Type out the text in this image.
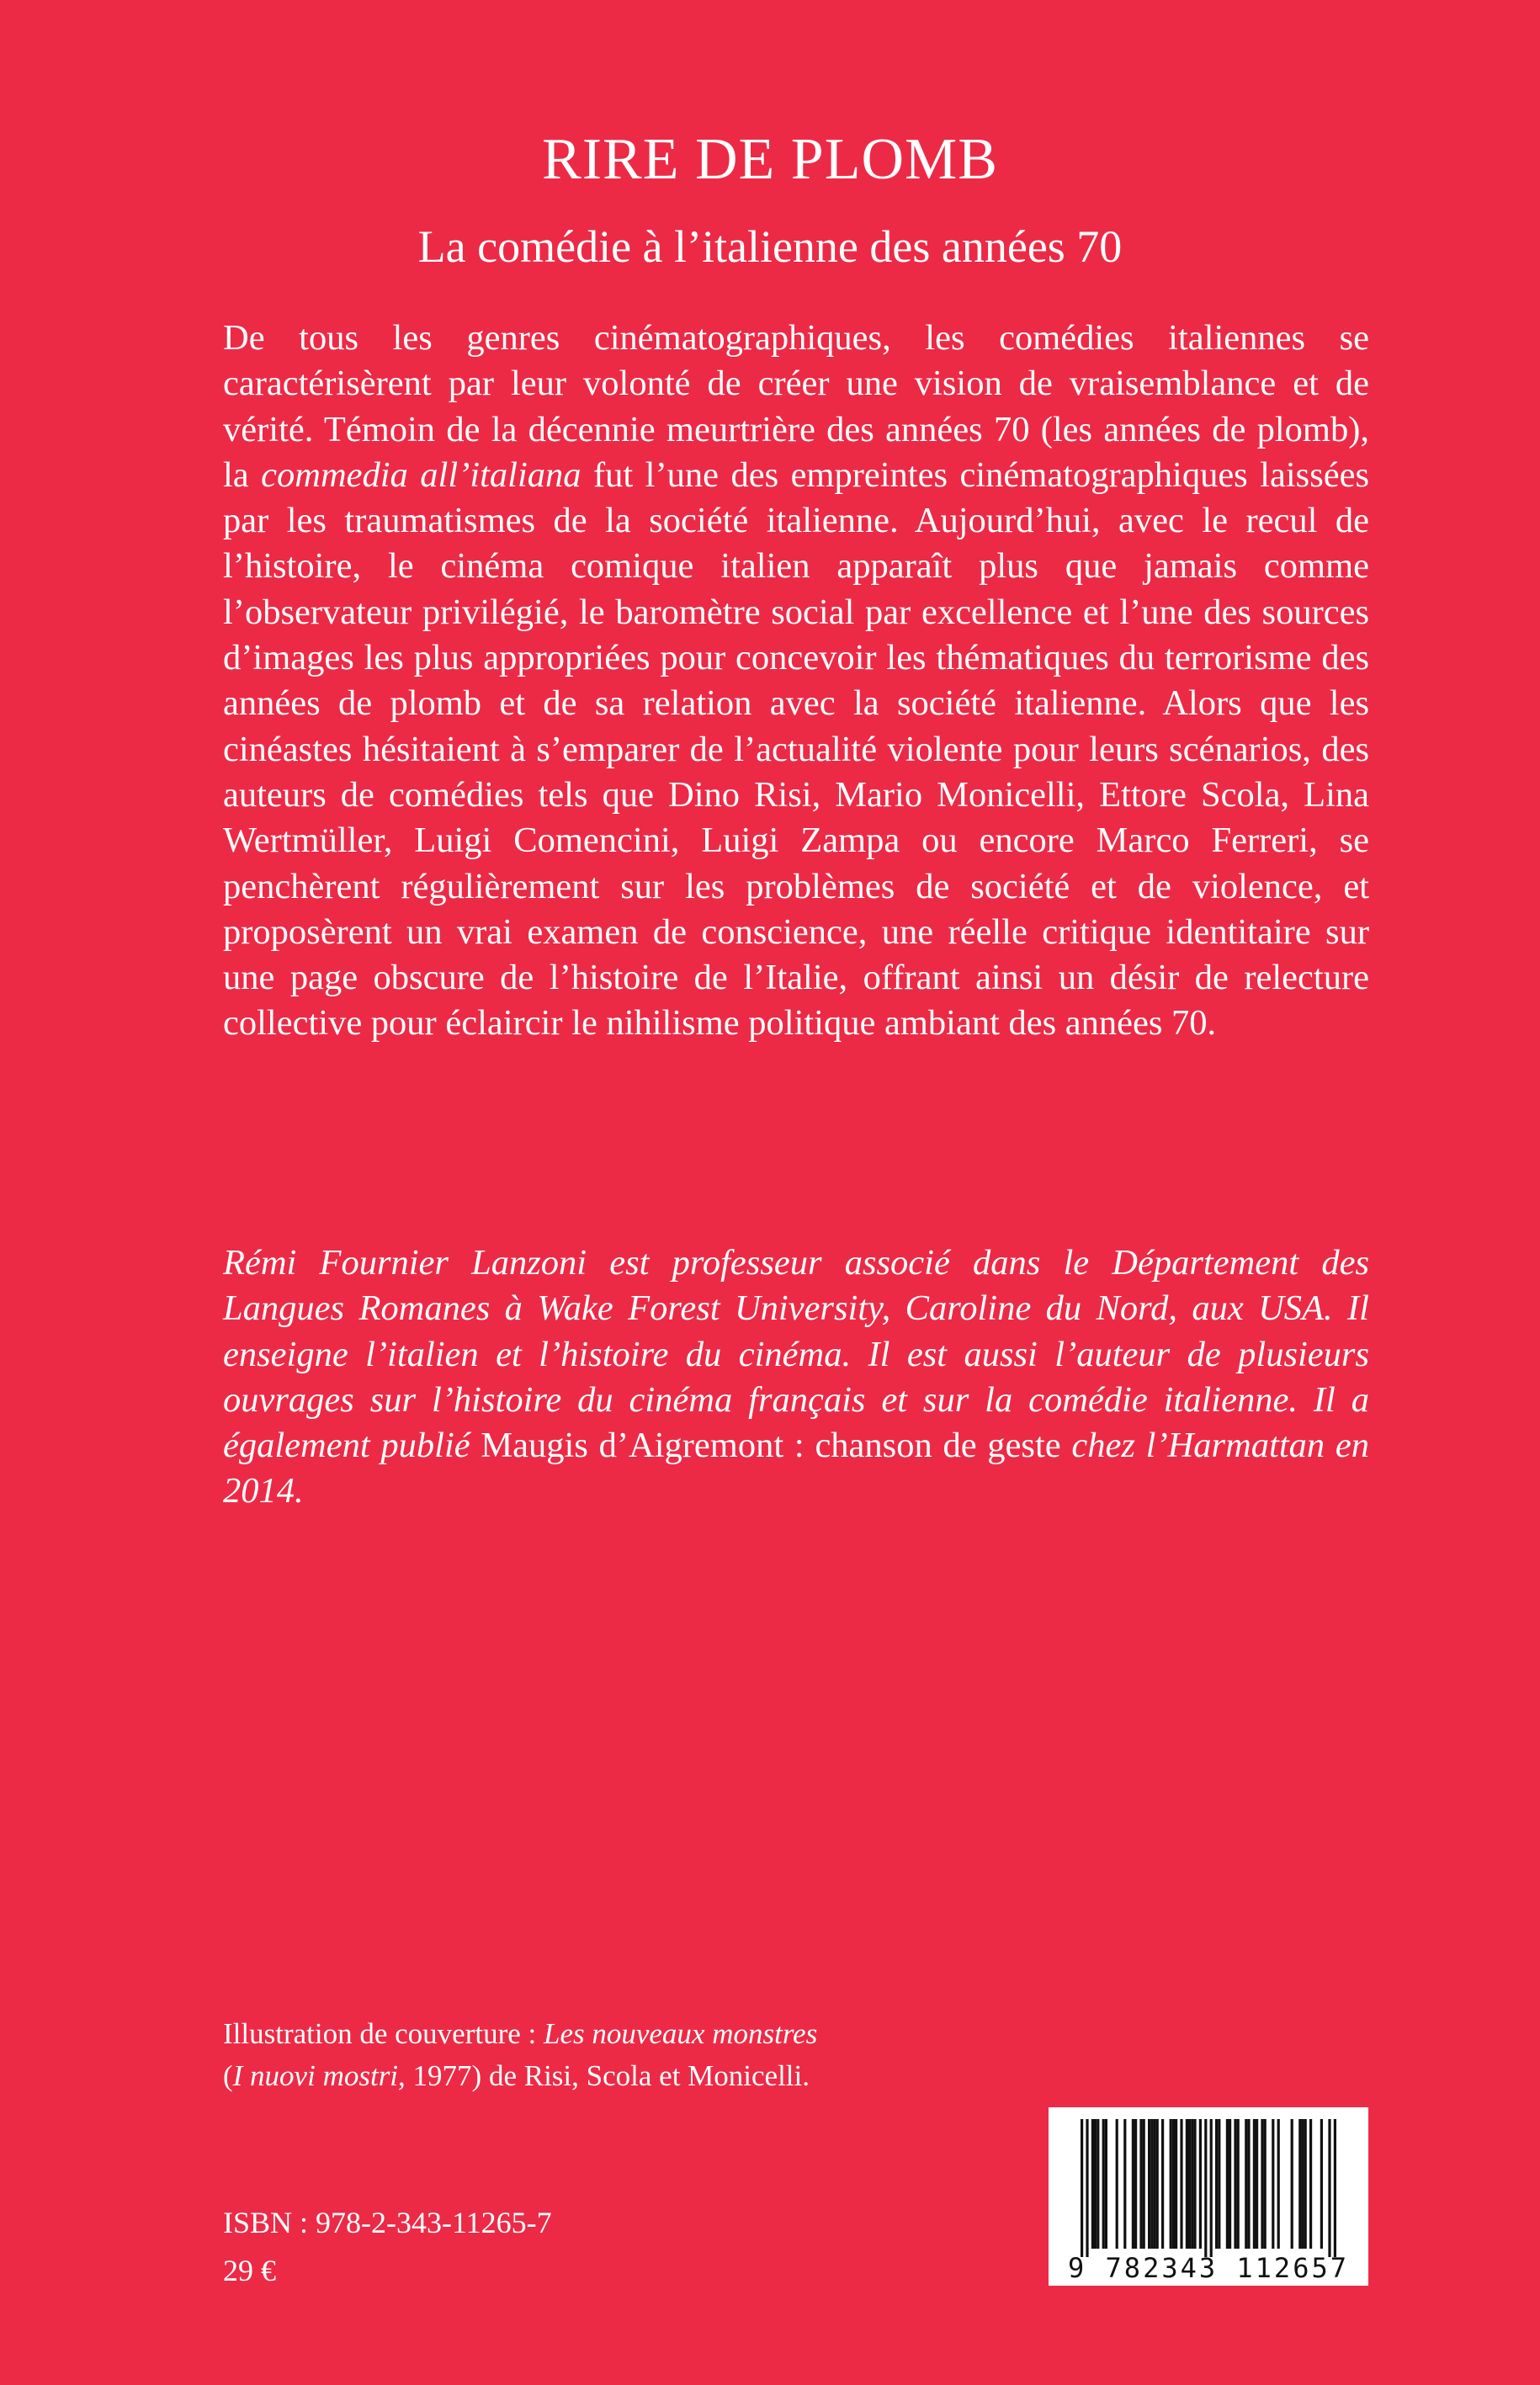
RIRE DE PLOMB
La comédie à l’italienne des années 70

De tous les genres cinématographiques, les comédies italiennes se caractérisèrent par leur volonté de créer une vision de vraisemblance et de vérité. Témoin de la décennie meurtrière des années 70 (les années de plomb), la commedia all’italiana fut l’une des empreintes cinématographiques laissées par les traumatismes de la société italienne. Aujourd’hui, avec le recul de l’histoire, le cinéma comique italien apparaît plus que jamais comme l’observateur privilégié, le baromètre social par excellence et l’une des sources d’images les plus appropriées pour concevoir les thématiques du terrorisme des années de plomb et de sa relation avec la société italienne. Alors que les cinéastes hésitaient à s’emparer de l’actualité violente pour leurs scénarios, des auteurs de comédies tels que Dino Risi, Mario Monicelli, Ettore Scola, Lina Wertmüller, Luigi Comencini, Luigi Zampa ou encore Marco Ferreri, se penchèrent régulièrement sur les problèmes de société et de violence, et proposèrent un vrai examen de conscience, une réelle critique identitaire sur une page obscure de l’histoire de l’Italie, offrant ainsi un désir de relecture collective pour éclaircir le nihilisme politique ambiant des années 70.

Rémi Fournier Lanzoni est professeur associé dans le Département des Langues Romanes à Wake Forest University, Caroline du Nord, aux USA. Il enseigne l’italien et l’histoire du cinéma. Il est aussi l’auteur de plusieurs ouvrages sur l’histoire du cinéma français et sur la comédie italienne. Il a également publié Maugis d’Aigremont : chanson de geste chez l’Harmattan en 2014.

Illustration de couverture : Les nouveaux monstres
(I nuovi mostri, 1977) de Risi, Scola et Monicelli.

ISBN : 978-2-343-11265-7

29 €	9 782343 112657
